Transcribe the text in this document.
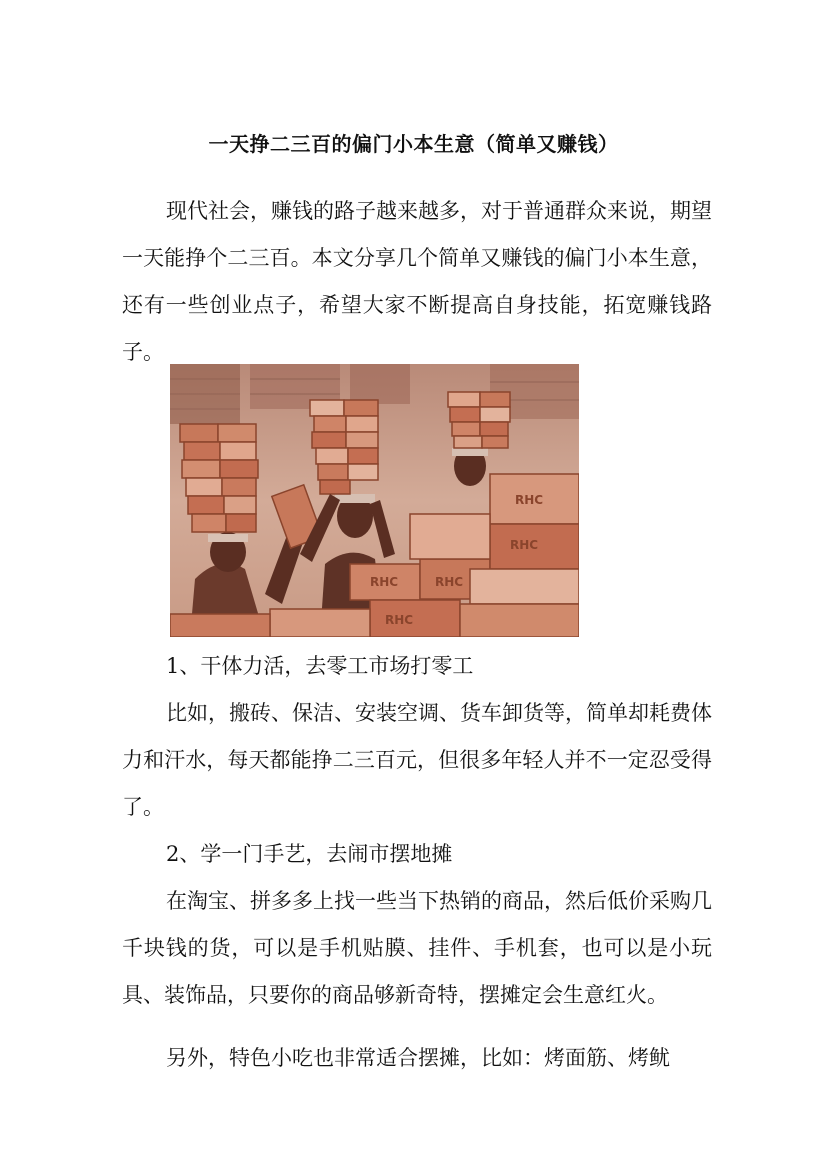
一天挣二三百的偏门小本生意（简单又赚钱）

现代社会，赚钱的路子越来越多，对于普通群众来说，期望一天能挣个二三百。本文分享几个简单又赚钱的偏门小本生意，还有一些创业点子，希望大家不断提高自身技能，拓宽赚钱路子。

RHC	RHC
RHC
RHC
RHC

1、干体力活，去零工市场打零工

比如，搬砖、保洁、安装空调、货车卸货等，简单却耗费体力和汗水，每天都能挣二三百元，但很多年轻人并不一定忍受得了。

2、学一门手艺，去闹市摆地摊

在淘宝、拼多多上找一些当下热销的商品，然后低价采购几千块钱的货，可以是手机贴膜、挂件、手机套，也可以是小玩具、装饰品，只要你的商品够新奇特，摆摊定会生意红火。

另外，特色小吃也非常适合摆摊，比如：烤面筋、烤鱿
